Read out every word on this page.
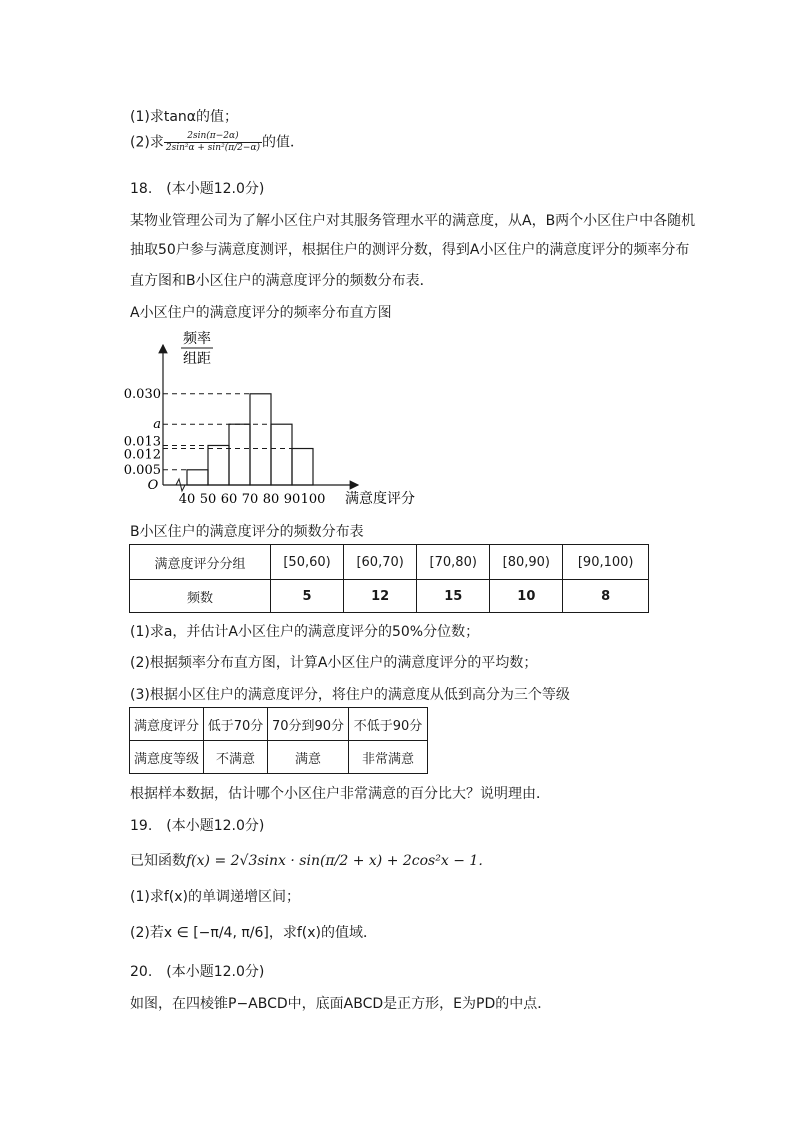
(1)求tanα的值；
(2)求 $\frac{2\sin(\pi-2\alpha)}{\text{2sin²α + sin²(π/2−α)}}$ 的值．
18.　(本小题12.0分)
某物业管理公司为了解小区住户对其服务管理水平的满意度，从A，B两个小区住户中各随机
抽取50户参与满意度测评，根据住户的测评分数，得到A小区住户的满意度评分的频率分布
直方图和B小区住户的满意度评分的频数分布表．
A小区住户的满意度评分的频率分布直方图
频率
组距
O
0.030
a
0.013
0.012
0.005
40 50 60 70 80 90 100 满意度评分
B小区住户的满意度评分的频数分布表
满意度评分分组	[50,60)	[60,70)	[70,80)	[80,90)	[90,100)
频数	5	12	15	10	8
(1)求a，并估计A小区住户的满意度评分的50%分位数；
(2)根据频率分布直方图，计算A小区住户的满意度评分的平均数；
(3)根据小区住户的满意度评分，将住户的满意度从低到高分为三个等级
满意度评分	低于70分	70分到90分	不低于90分
满意度等级	不满意	满意	非常满意
根据样本数据，估计哪个小区住户非常满意的百分比大？说明理由．
19.　(本小题12.0分)
已知函数f(x) = 2√3sinx · sin(π/2 + x) + 2cos²x − 1．
(1)求f(x)的单调递增区间；
(2)若x ∈ [−π/4, π/6]，求f(x)的值域．
20.　(本小题12.0分)
如图，在四棱锥P−ABCD中，底面ABCD是正方形，E为PD的中点．
